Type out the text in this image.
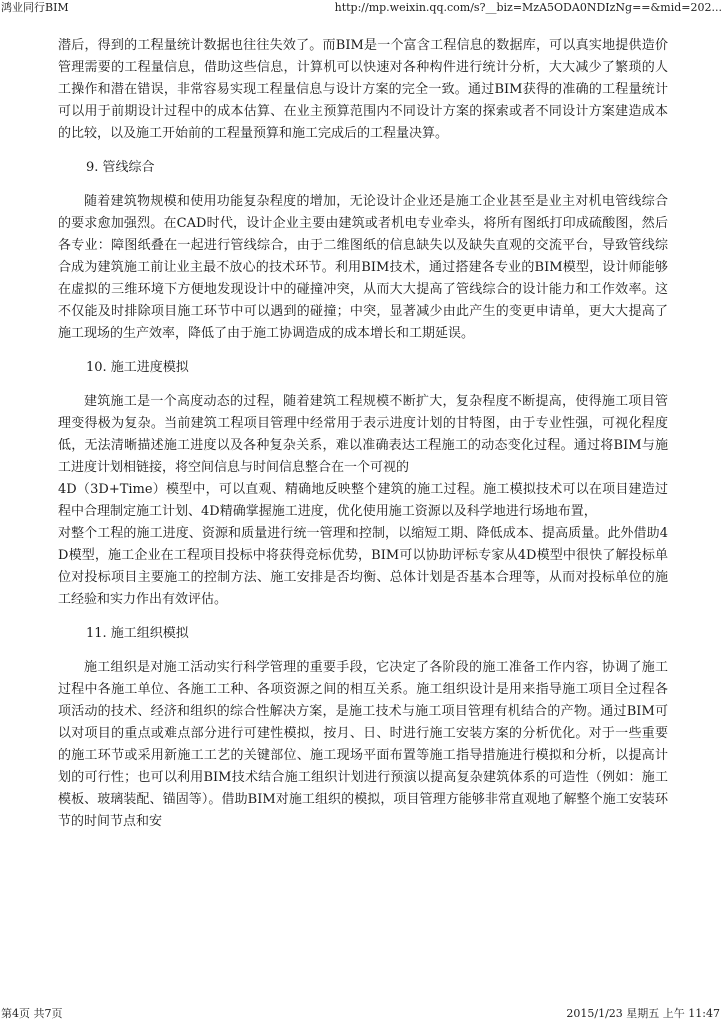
鸿业同行BIM	http://mp.weixin.qq.com/s?__biz=MzA5ODA0NDIzNg==&mid=202...

潜后，得到的工程量统计数据也往往失效了。而BIM是一个富含工程信息的数据库，可以真实地提供造价管理需要的工程量信息，借助这些信息，计算机可以快速对各种构件进行统计分析，大大减少了繁琐的人工操作和潜在错误，非常容易实现工程量信息与设计方案的完全一致。通过BIM获得的准确的工程量统计可以用于前期设计过程中的成本估算、在业主预算范围内不同设计方案的探索或者不同设计方案建造成本的比较，以及施工开始前的工程量预算和施工完成后的工程量决算。

9. 管线综合

随着建筑物规模和使用功能复杂程度的增加，无论设计企业还是施工企业甚至是业主对机电管线综合的要求愈加强烈。在CAD时代，设计企业主要由建筑或者机电专业牵头，将所有图纸打印成硫酸图，然后各专业：障图纸叠在一起进行管线综合，由于二维图纸的信息缺失以及缺失直观的交流平台，导致管线综合成为建筑施工前让业主最不放心的技术环节。利用BIM技术，通过搭建各专业的BIM模型，设计师能够在虚拟的三维环境下方便地发现设计中的碰撞冲突，从而大大提高了管线综合的设计能力和工作效率。这不仅能及时排除项目施工环节中可以遇到的碰撞；中突，显著减少由此产生的变更申请单，更大大提高了施工现场的生产效率，降低了由于施工协调造成的成本增长和工期延误。

10. 施工进度模拟

建筑施工是一个高度动态的过程，随着建筑工程规模不断扩大，复杂程度不断提高，使得施工项目管理变得极为复杂。当前建筑工程项目管理中经常用于表示进度计划的甘特图，由于专业性强，可视化程度低，无法清晰描述施工进度以及各种复杂关系，难以准确表达工程施工的动态变化过程。通过将BIM与施工进度计划相链接，将空间信息与时间信息整合在一个可视的

4D（3D+Time）模型中，可以直观、精确地反映整个建筑的施工过程。施工模拟技术可以在项目建造过程中合理制定施工计划、4D精确掌握施工进度，优化使用施工资源以及科学地进行场地布置，

对整个工程的施工进度、资源和质量进行统一管理和控制，以缩短工期、降低成本、提高质量。此外借助4D模型，施工企业在工程项目投标中将获得竞标优势，BIM可以协助评标专家从4D模型中很快了解投标单位对投标项目主要施工的控制方法、施工安排是否均衡、总体计划是否基本合理等，从而对投标单位的施工经验和实力作出有效评估。

11. 施工组织模拟

施工组织是对施工活动实行科学管理的重要手段，它决定了各阶段的施工准备工作内容，协调了施工过程中各施工单位、各施工工种、各项资源之间的相互关系。施工组织设计是用来指导施工项目全过程各项活动的技术、经济和组织的综合性解决方案，是施工技术与施工项目管理有机结合的产物。通过BIM可以对项目的重点或难点部分进行可建性模拟，按月、日、时进行施工安装方案的分析优化。对于一些重要的施工环节或采用新施工工艺的关键部位、施工现场平面布置等施工指导措施进行模拟和分析，以提高计划的可行性；也可以利用BIM技术结合施工组织计划进行预演以提高复杂建筑体系的可造性（例如：施工模板、玻璃装配、锚固等）。借助BIM对施工组织的模拟，项目管理方能够非常直观地了解整个施工安装环节的时间节点和安

第4页 共7页	2015/1/23 星期五 上午 11:47
